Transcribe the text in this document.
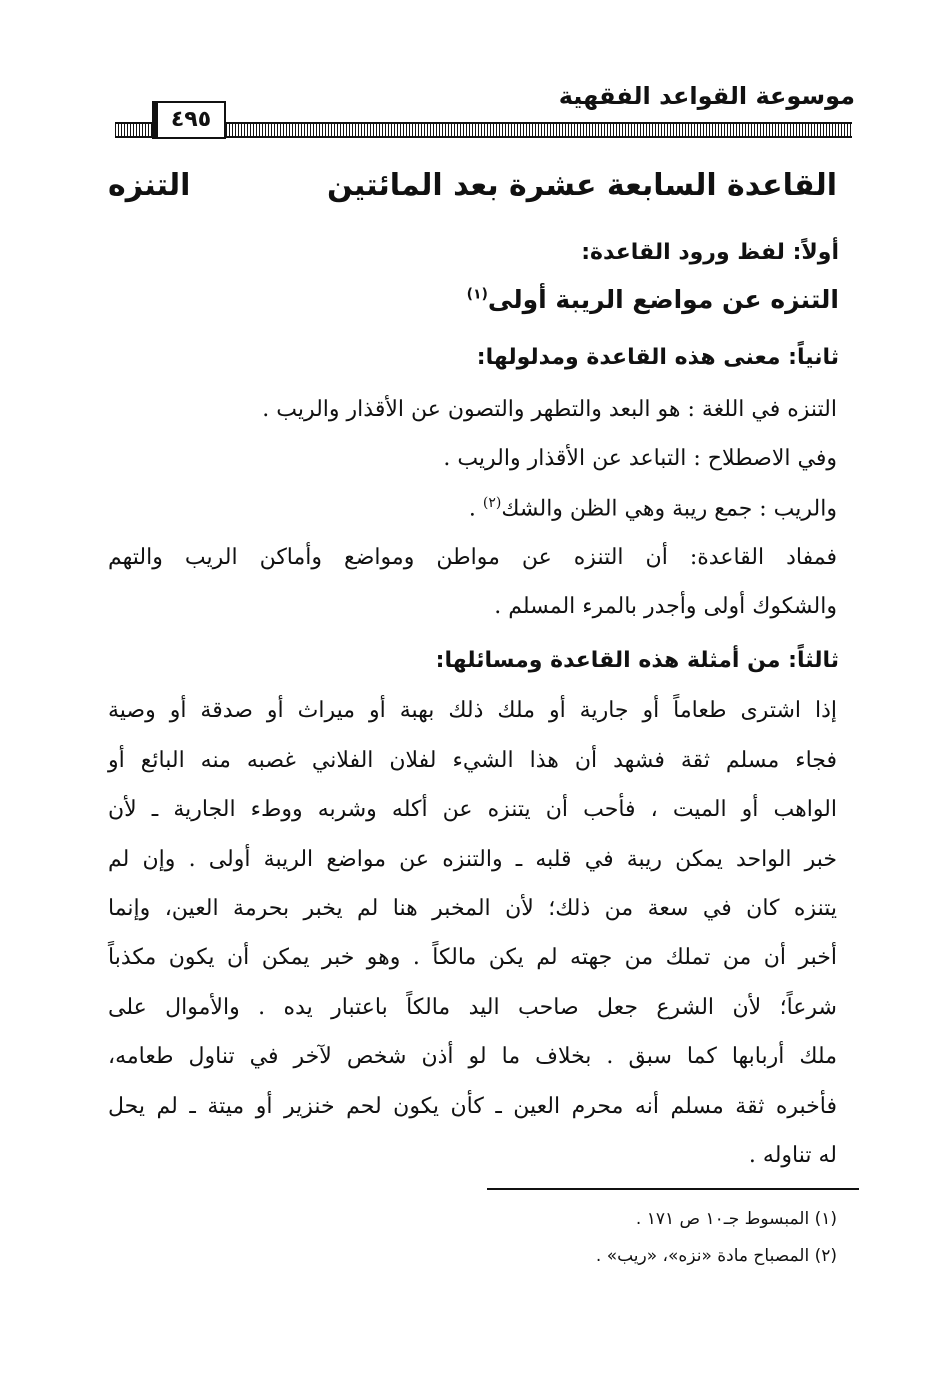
موسوعة القواعد الفقهية
٤٩٥
القاعدة السابعة عشرة بعد المائتين
التنزه
أولاً: لفظ ورود القاعدة:
التنزه عن مواضع الريبة أولى$^{(١)}$
ثانياً: معنى هذه القاعدة ومدلولها:
التنزه في اللغة : هو البعد والتطهر والتصون عن الأقذار والريب .
وفي الاصطلاح : التباعد عن الأقذار والريب .
والريب : جمع ريبة وهي الظن والشك$^{(٢)}$ .
فمفاد القاعدة: أن التنزه عن مواطن ومواضع وأماكن الريب والتهم
والشكوك أولى وأجدر بالمرء المسلم .
ثالثاً: من أمثلة هذه القاعدة ومسائلها:
إذا اشترى طعاماً أو جارية أو ملك ذلك بهبة أو ميراث أو صدقة أو وصية
فجاء مسلم ثقة فشهد أن هذا الشيء لفلان الفلاني غصبه منه البائع أو
الواهب أو الميت ، فأحب أن يتنزه عن أكله وشربه ووطء الجارية ـ لأن
خبر الواحد يمكن ريبة في قلبه ـ والتنزه عن مواضع الريبة أولى . وإن لم
يتنزه كان في سعة من ذلك؛ لأن المخبر هنا لم يخبر بحرمة العين، وإنما
أخبر أن من تملك من جهته لم يكن مالكاً . وهو خبر يمكن أن يكون مكذباً
شرعاً؛ لأن الشرع جعل صاحب اليد مالكاً باعتبار يده . والأموال على
ملك أربابها كما سبق . بخلاف ما لو أذن شخص لآخر في تناول طعامه،
فأخبره ثقة مسلم أنه محرم العين ـ كأن يكون لحم خنزير أو ميتة ـ لم يحل
له تناوله .
(١) المبسوط جـ١٠ ص ١٧١ .
(٢) المصباح مادة «نزه»، «ريب» .
